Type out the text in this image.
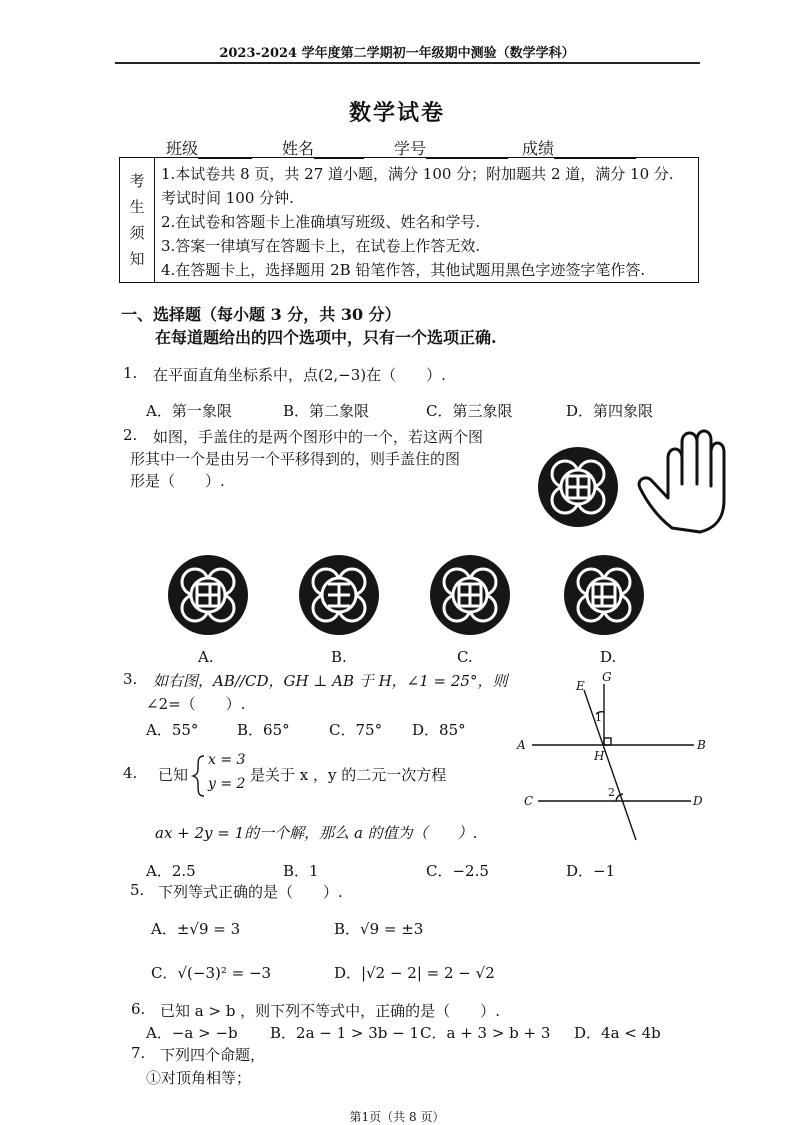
2023-2024 学年度第二学期初一年级期中测验（数学学科）
数学试卷
班级	姓名	学号	成绩
考
生
须
知
1.本试卷共 8 页，共 27 道小题，满分 100 分；附加题共 2 道，满分 10 分.
考试时间 100 分钟.
2.在试卷和答题卡上准确填写班级、姓名和学号.
3.答案一律填写在答题卡上，在试卷上作答无效.
4.在答题卡上，选择题用 2B 铅笔作答，其他试题用黑色字迹签字笔作答.
一、选择题（每小题 3 分，共 30 分）
在每道题给出的四个选项中，只有一个选项正确.
1. 在平面直角坐标系中，点(2,−3)在（　　）.
A．第一象限	B．第二象限	C．第三象限	D．第四象限
2. 如图，手盖住的是两个图形中的一个，若这两个图
形其中一个是由另一个平移得到的，则手盖住的图
形是（　　）.
E
G
A	B
H
C	D
1
2
A.	B.	C.	D.
3. 如右图，AB//CD，GH ⊥ AB 于 H，∠1 = 25°，则
∠2=（　　）.
A．55°	B．65°	C．75° D．85°
4. 已知
x = 3
y = 2 是关于 x ，y 的二元一次方程
ax + 2y = 1的一个解，那么 a 的值为（　　）.
A．2.5	B．1	C．−2.5	D．−1
5. 下列等式正确的是（　　）.
A．±√9 = 3	B．√9 = ±3
C．√(−3)² = −3	D．|√2 − 2| = 2 − √2
6. 已知 a > b ，则下列不等式中，正确的是（　　）.
A．−a > −b B．2a − 1 > 3b − 1 C．a + 3 > b + 3 D．4a < 4b
7. 下列四个命题，
①对顶角相等；
第1页（共 8 页）
